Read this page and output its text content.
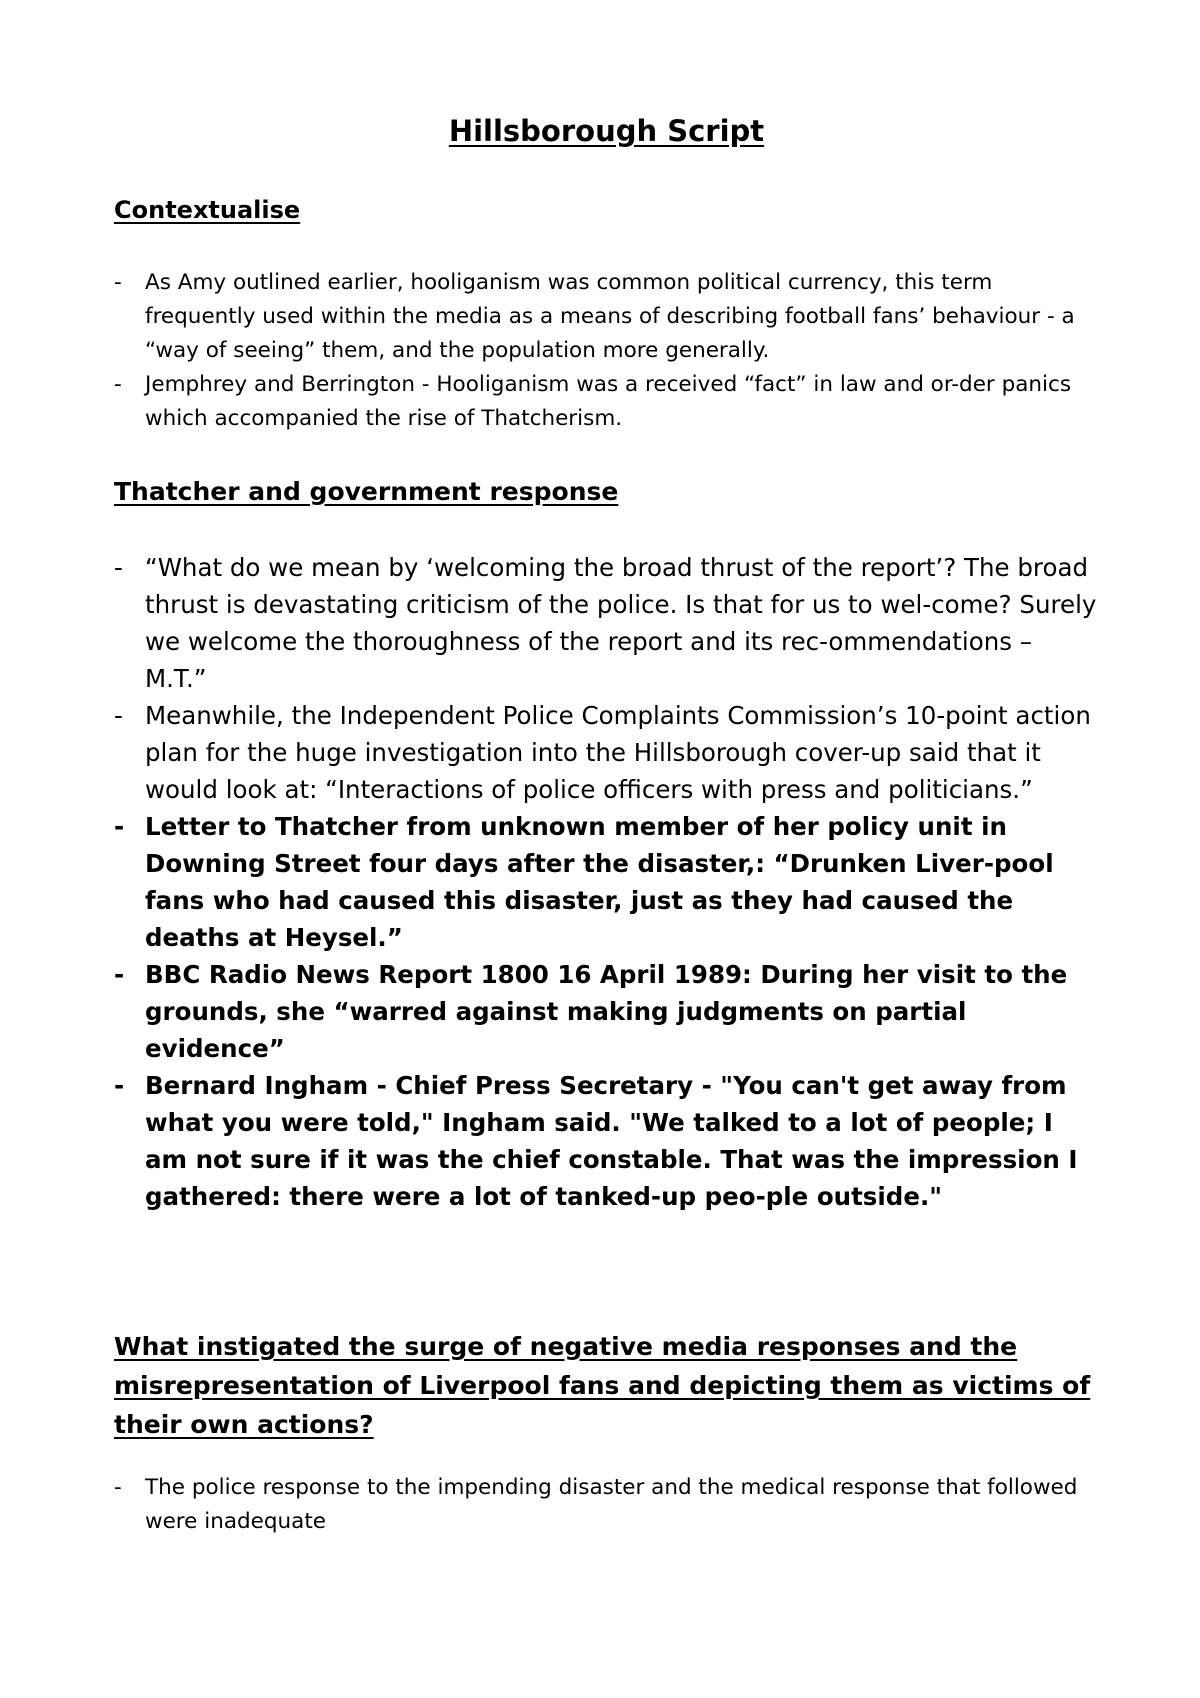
Hillsborough Script
Contextualise
- As Amy outlined earlier, hooliganism was common political currency, this term frequently used within the media as a means of describing football fans’ behaviour - a “way of seeing” them, and the population more generally.
- Jemphrey and Berrington - Hooliganism was a received “fact” in law and or-der panics which accompanied the rise of Thatcherism.
Thatcher and government response
- “What do we mean by ‘welcoming the broad thrust of the report’? The broad thrust is devastating criticism of the police. Is that for us to wel-come? Surely we welcome the thoroughness of the report and its rec-ommendations – M.T.”
- Meanwhile, the Independent Police Complaints Commission’s 10-point action plan for the huge investigation into the Hillsborough cover-up said that it would look at: “Interactions of police officers with press and politicians.”
- Letter to Thatcher from unknown member of her policy unit in Downing Street four days after the disaster,: “Drunken Liver-pool fans who had caused this disaster, just as they had caused the deaths at Heysel.”
- BBC Radio News Report 1800 16 April 1989: During her visit to the grounds, she “warred against making judgments on partial evidence”
- Bernard Ingham - Chief Press Secretary - "You can't get away from what you were told," Ingham said. "We talked to a lot of people; I am not sure if it was the chief constable. That was the impression I gathered: there were a lot of tanked-up peo-ple outside."
What instigated the surge of negative media responses and the misrepresentation of Liverpool fans and depicting them as victims of their own actions?
- The police response to the impending disaster and the medical response that followed were inadequate
